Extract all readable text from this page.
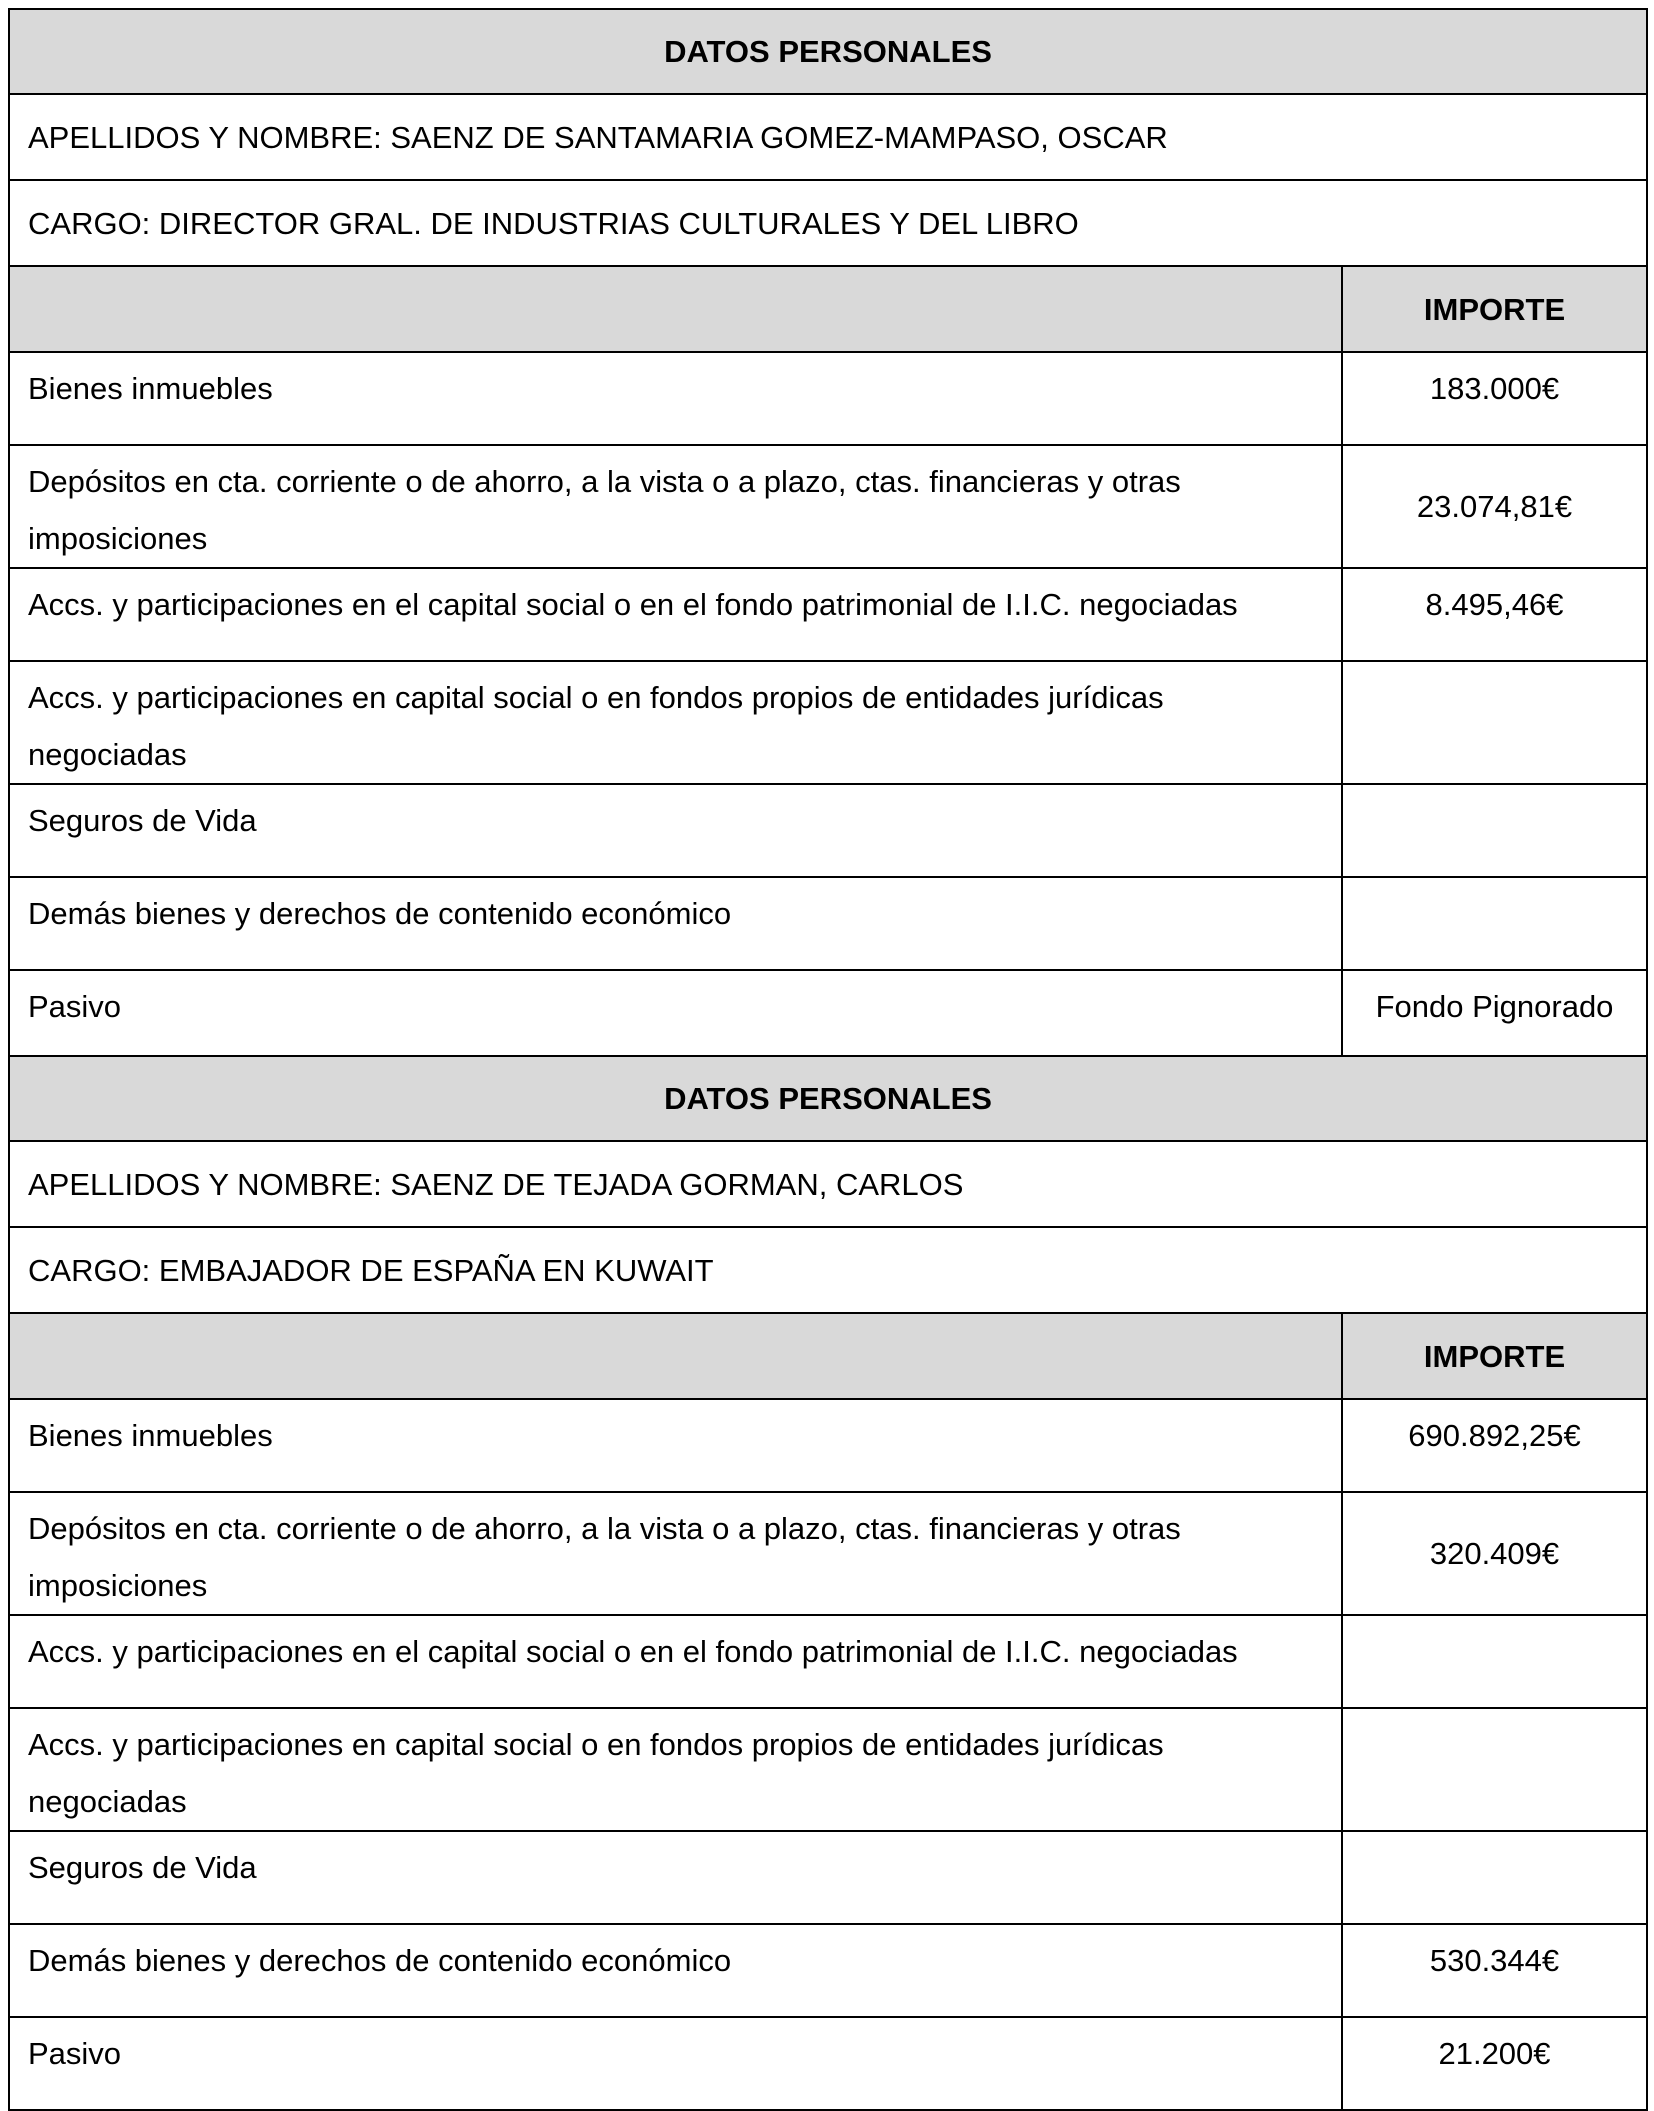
DATOS PERSONALES	
APELLIDOS Y NOMBRE: SAENZ DE SANTAMARIA GOMEZ-MAMPASO, OSCAR	
CARGO: DIRECTOR GRAL. DE INDUSTRIAS CULTURALES Y DEL LIBRO	
	IMPORTE
Bienes inmuebles	183.000€
Depósitos en cta. corriente o de ahorro, a la vista o a plazo, ctas. financieras y otras imposiciones	23.074,81€
Accs. y participaciones en el capital social o en el fondo patrimonial de I.I.C. negociadas	8.495,46€
Accs. y participaciones en capital social o en fondos propios de entidades jurídicas negociadas	
Seguros de Vida	
Demás bienes y derechos de contenido económico	
Pasivo	Fondo Pignorado
DATOS PERSONALES	
APELLIDOS Y NOMBRE: SAENZ DE TEJADA GORMAN, CARLOS	
CARGO: EMBAJADOR DE ESPAÑA EN KUWAIT	
	IMPORTE
Bienes inmuebles	690.892,25€
Depósitos en cta. corriente o de ahorro, a la vista o a plazo, ctas. financieras y otras imposiciones	320.409€
Accs. y participaciones en el capital social o en el fondo patrimonial de I.I.C. negociadas	
Accs. y participaciones en capital social o en fondos propios de entidades jurídicas negociadas	
Seguros de Vida	
Demás bienes y derechos de contenido económico	530.344€
Pasivo	21.200€
